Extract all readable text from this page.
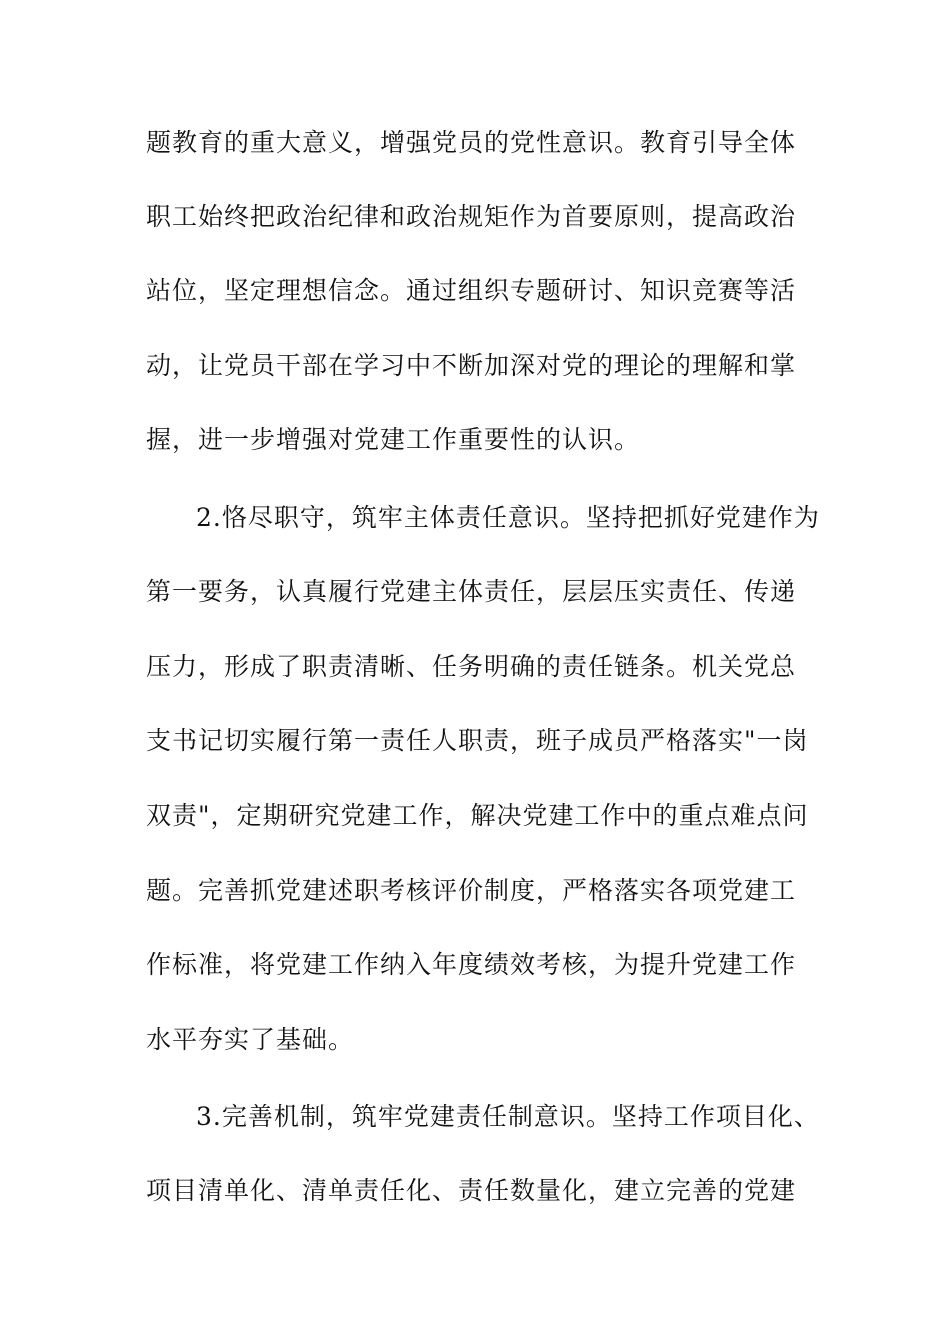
题教育的重大意义，增强党员的党性意识。教育引导全体
职工始终把政治纪律和政治规矩作为首要原则，提高政治
站位，坚定理想信念。通过组织专题研讨、知识竞赛等活
动，让党员干部在学习中不断加深对党的理论的理解和掌
握，进一步增强对党建工作重要性的认识。
2.恪尽职守，筑牢主体责任意识。坚持把抓好党建作为
第一要务，认真履行党建主体责任，层层压实责任、传递
压力，形成了职责清晰、任务明确的责任链条。机关党总
支书记切实履行第一责任人职责，班子成员严格落实"一岗
双责"，定期研究党建工作，解决党建工作中的重点难点问
题。完善抓党建述职考核评价制度，严格落实各项党建工
作标准，将党建工作纳入年度绩效考核，为提升党建工作
水平夯实了基础。
3.完善机制，筑牢党建责任制意识。坚持工作项目化、
项目清单化、清单责任化、责任数量化，建立完善的党建
